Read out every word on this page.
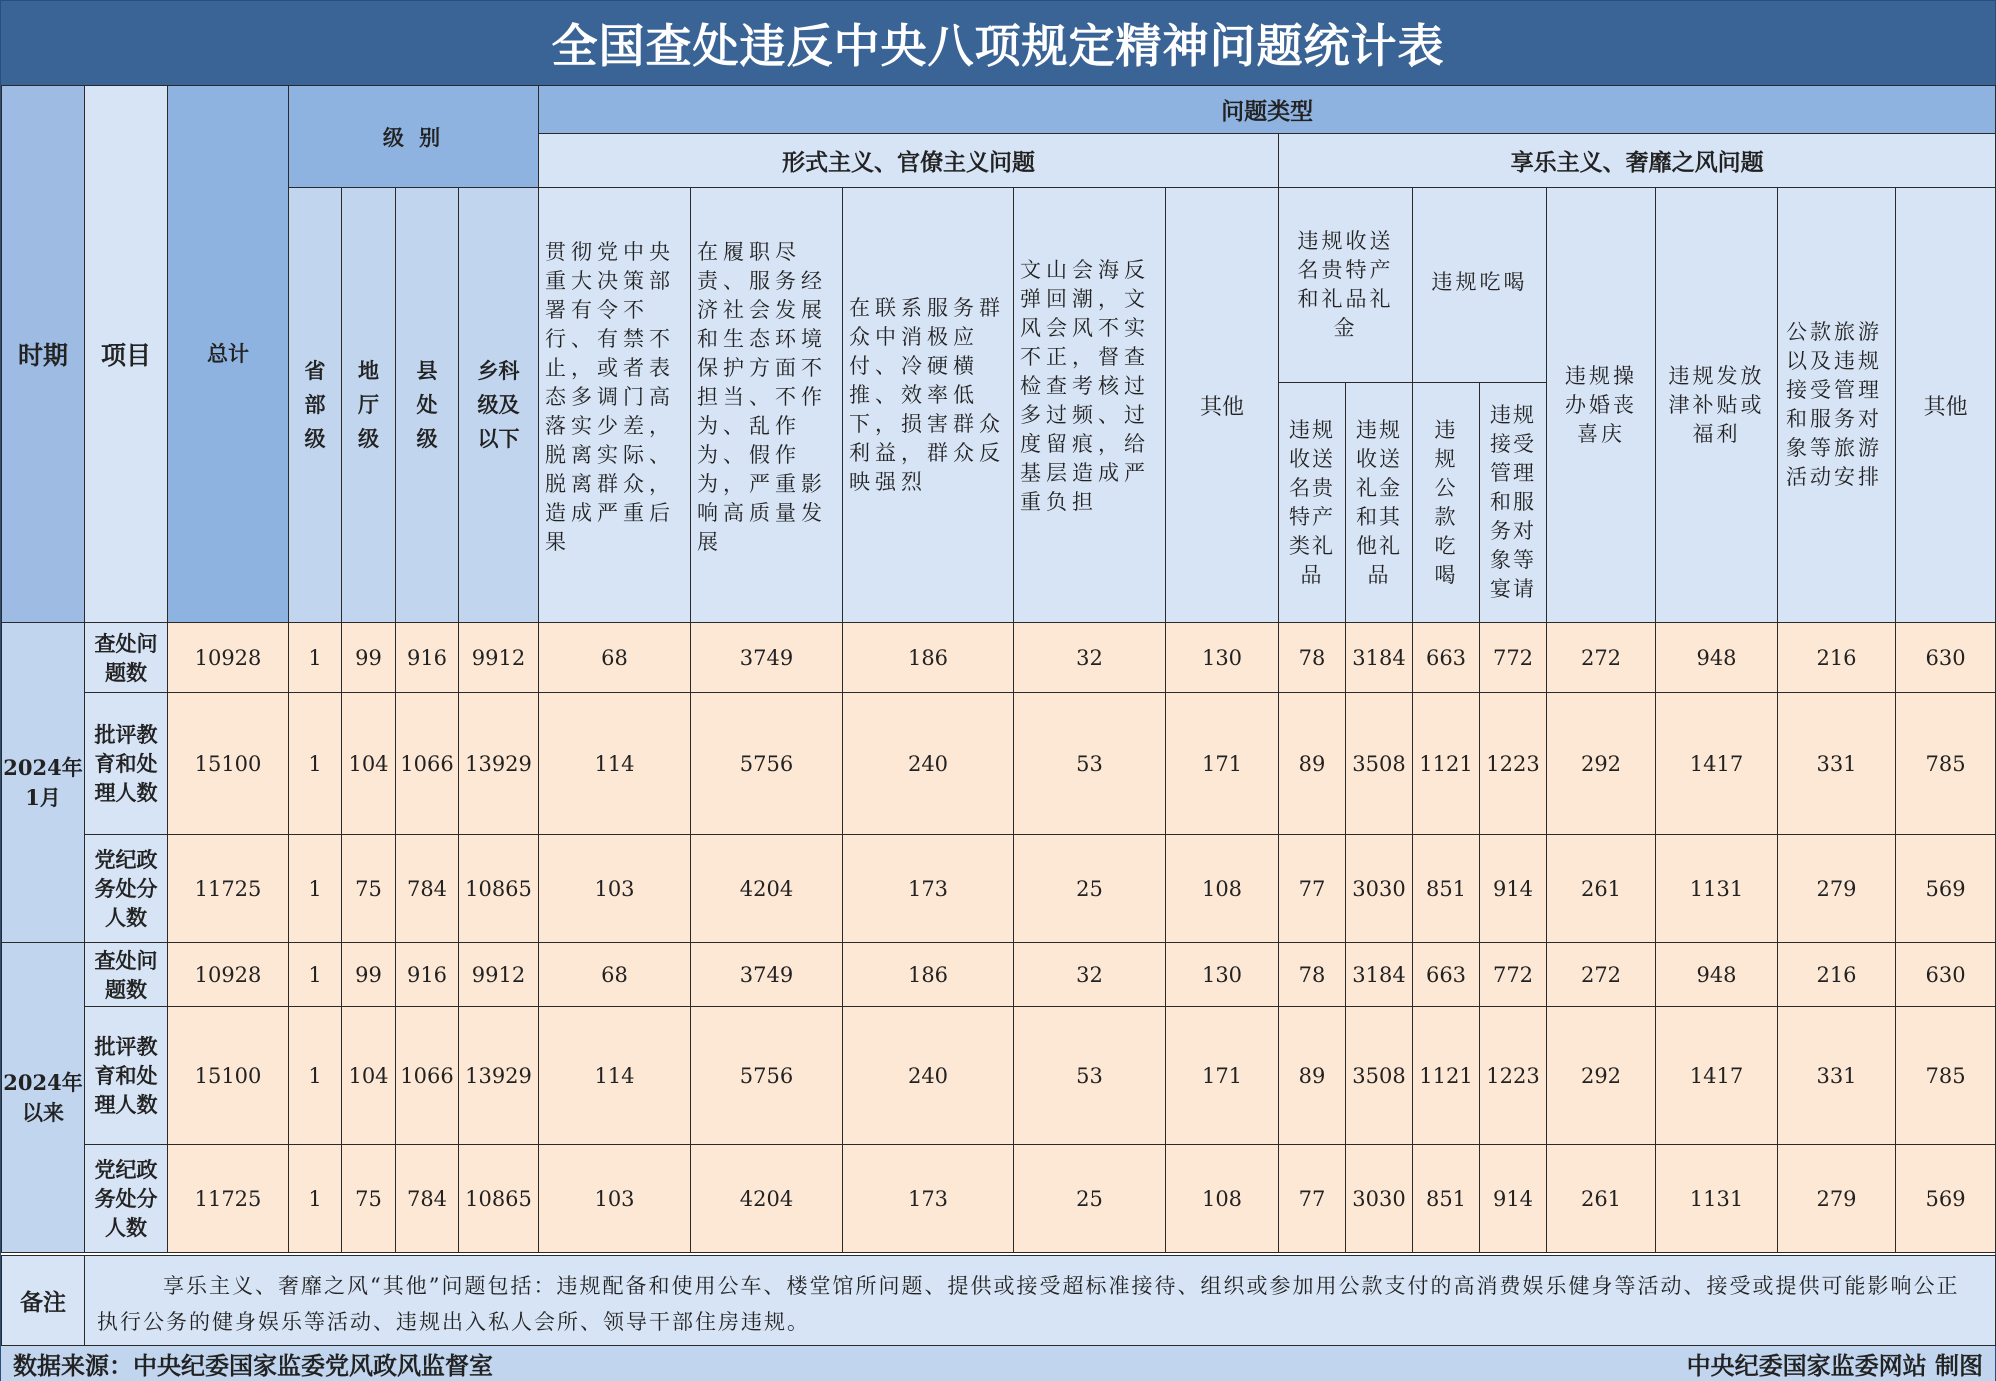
全国查处违反中央八项规定精神问题统计表
时期	项目	总计	级 别				问题类型												
							形式主义、官僚主义问题					享乐主义、奢靡之风问题							
			省部级	地厅级	县处级	乡科级及以下	贯彻党中央重大决策部署有令不行、有禁不止，或者表态多调门高落实少差，脱离实际、脱离群众，造成严重后果	在履职尽责、服务经济社会发展和生态环境保护方面不担当、不作为、乱作为、假作为，严重影响高质量发展	在联系服务群众中消极应付、冷硬横推、效率低下，损害群众利益，群众反映强烈	文山会海反弹回潮，文风会风不实不正，督查检查考核过多过频、过度留痕，给基层造成严重负担	其他	违规收送名贵特产和礼品礼金		违规吃喝		违规操办婚丧喜庆	违规发放津补贴或福利	公款旅游以及违规接受管理和服务对象等旅游活动安排	其他
												违规收送名贵特产类礼品	违规收送礼金和其他礼品	违规公款吃喝	违规接受管理和服务对象等宴请				
2024年1月	查处问题数	10928	1	99	916	9912	68	3749	186	32	130	78	3184	663	772	272	948	216	630
	批评教育和处理人数	15100	1	104	1066	13929	114	5756	240	53	171	89	3508	1121	1223	292	1417	331	785
	党纪政务处分人数	11725	1	75	784	10865	103	4204	173	25	108	77	3030	851	914	261	1131	279	569
2024年以来	查处问题数	10928	1	99	916	9912	68	3749	186	32	130	78	3184	663	772	272	948	216	630
	批评教育和处理人数	15100	1	104	1066	13929	114	5756	240	53	171	89	3508	1121	1223	292	1417	331	785
	党纪政务处分人数	11725	1	75	784	10865	103	4204	173	25	108	77	3030	851	914	261	1131	279	569
备注	享乐主义、奢靡之风“其他”问题包括：违规配备和使用公车、楼堂馆所问题、提供或接受超标准接待、组织或参加用公款支付的高消费娱乐健身等活动、接受或提供可能影响公正执行公务的健身娱乐等活动、违规出入私人会所、领导干部住房违规。
数据来源：中央纪委国家监委党风政风监督室	中央纪委国家监委网站 制图
